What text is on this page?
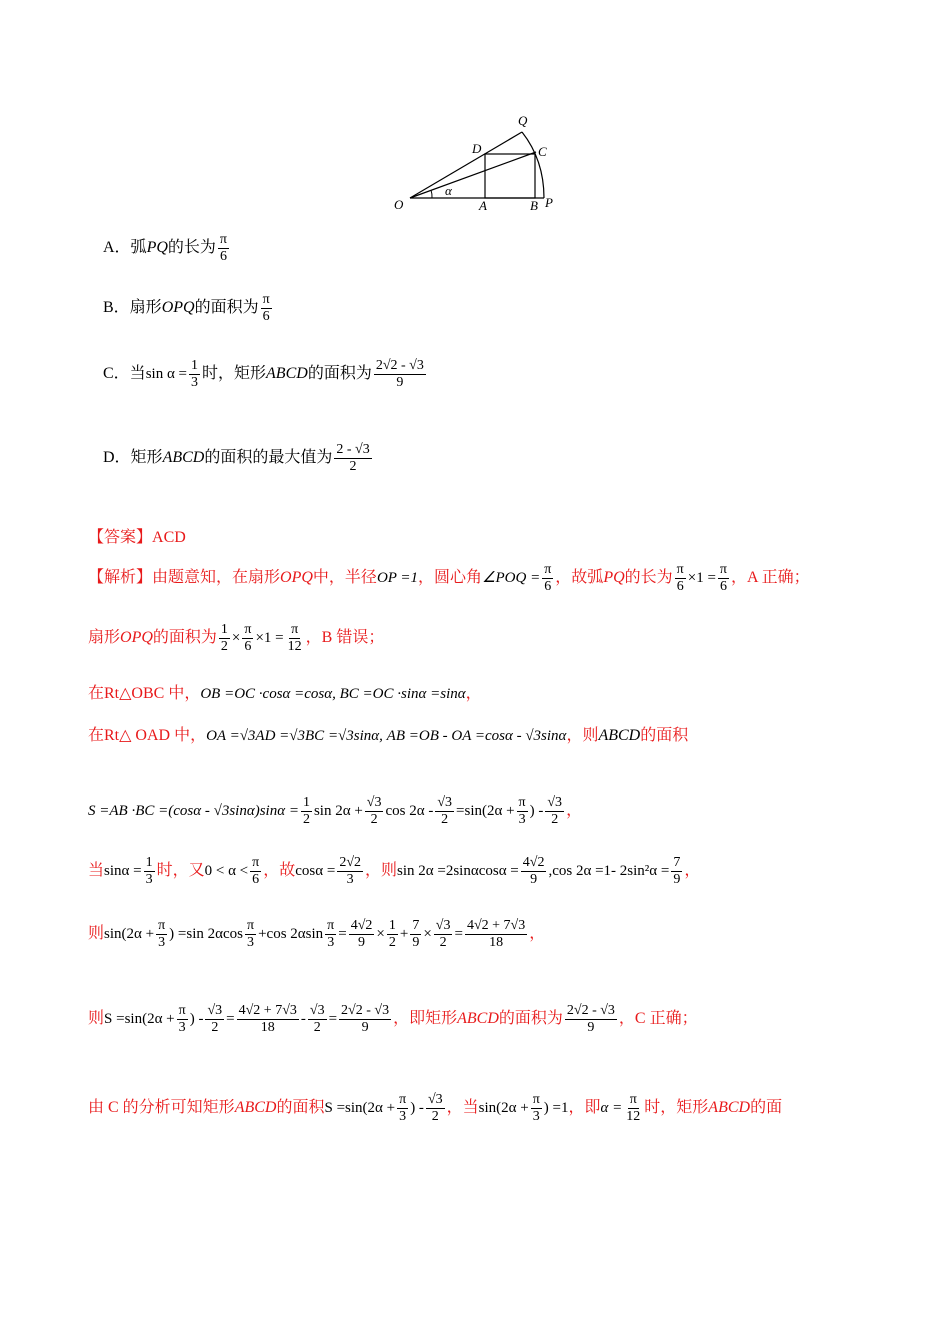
O	A	B P
Q
C
D
α
A．弧PQ的长为 $\frac{\pi}{6}$
B．扇形OPQ的面积为 $\frac{\pi}{6}$
C．当$\sin \alpha = \frac{1}{3}$ 时，矩形ABCD的面积为 $\frac{2√2 - √3}{9}$
D．矩形ABCD的面积的最大值为 $\frac{2 - √3}{2}$
【答案】ACD
【解析】由题意知，在扇形OPQ中，半径OP =1，圆心角∠POQ = $\frac{\pi}{6}$ ，故弧PQ的长为 $\frac{\pi}{6} \times 1 = \frac{\pi}{6}$ ，A 正确；
扇形OPQ的面积为 $\frac{1}{2} \times \frac{\pi}{6} \times 1 = \frac{\pi}{12}$ ，B 错误；
在Rt△OBC 中，OB =OC ·cosα =cosα, BC =OC ·sinα =sinα，
在Rt△ OAD 中，OA =√3AD =√3BC =√3sinα, AB =OB - OA =cosα - √3sinα，则ABCD的面积
$S =AB \cdot BC =(\cos\alpha - √3\sin\alpha)\sin\alpha = \frac{1}{2}$ $\sin 2\alpha + \frac{√3}{2}$ $\cos 2\alpha - \frac{√3}{2} =\sin(2\alpha + \frac{\pi}{3}$ ) - $\frac{√3}{2}$ ，
当$\sin\alpha = \frac{1}{3}$ 时，又$0 < \alpha < \frac{\pi}{6}$ ，故$\cos\alpha = \frac{2√2}{3}$ ，则$\sin 2\alpha =2\sin\alpha\cos\alpha = \frac{4√2}{9} ,\cos$ 2α =1- $2\sin^2\alpha = \frac{7}{9}$ ，
则$\sin(2\alpha + \frac{\pi}{3}$ ) =sin $2\alpha\cos \frac{\pi}{3} +\cos$ $2\alpha\sin \frac{\pi}{3} = \frac{4√2}{9} \times \frac{1}{2} + \frac{7}{9} \times \frac{√3}{2} = \frac{4√2 + 7√3}{18}$ ，
则$S =\sin(2\alpha + \frac{\pi}{3}$ ) - $\frac{√3}{2} = \frac{4√2 + 7√3}{18} - \frac{√3}{2} = \frac{2√2 - √3}{9}$ ，即矩形ABCD的面积为 $\frac{2√2 - √3}{9}$ ，C 正确；
由 C 的分析可知矩形ABCD的面积$S =\sin(2\alpha + \frac{\pi}{3}$ ) - $\frac{√3}{2}$ ，当$\sin(2\alpha + \frac{\pi}{3}$ ) =1，即$\alpha = \frac{\pi}{12}$ 时，矩形ABCD的面
